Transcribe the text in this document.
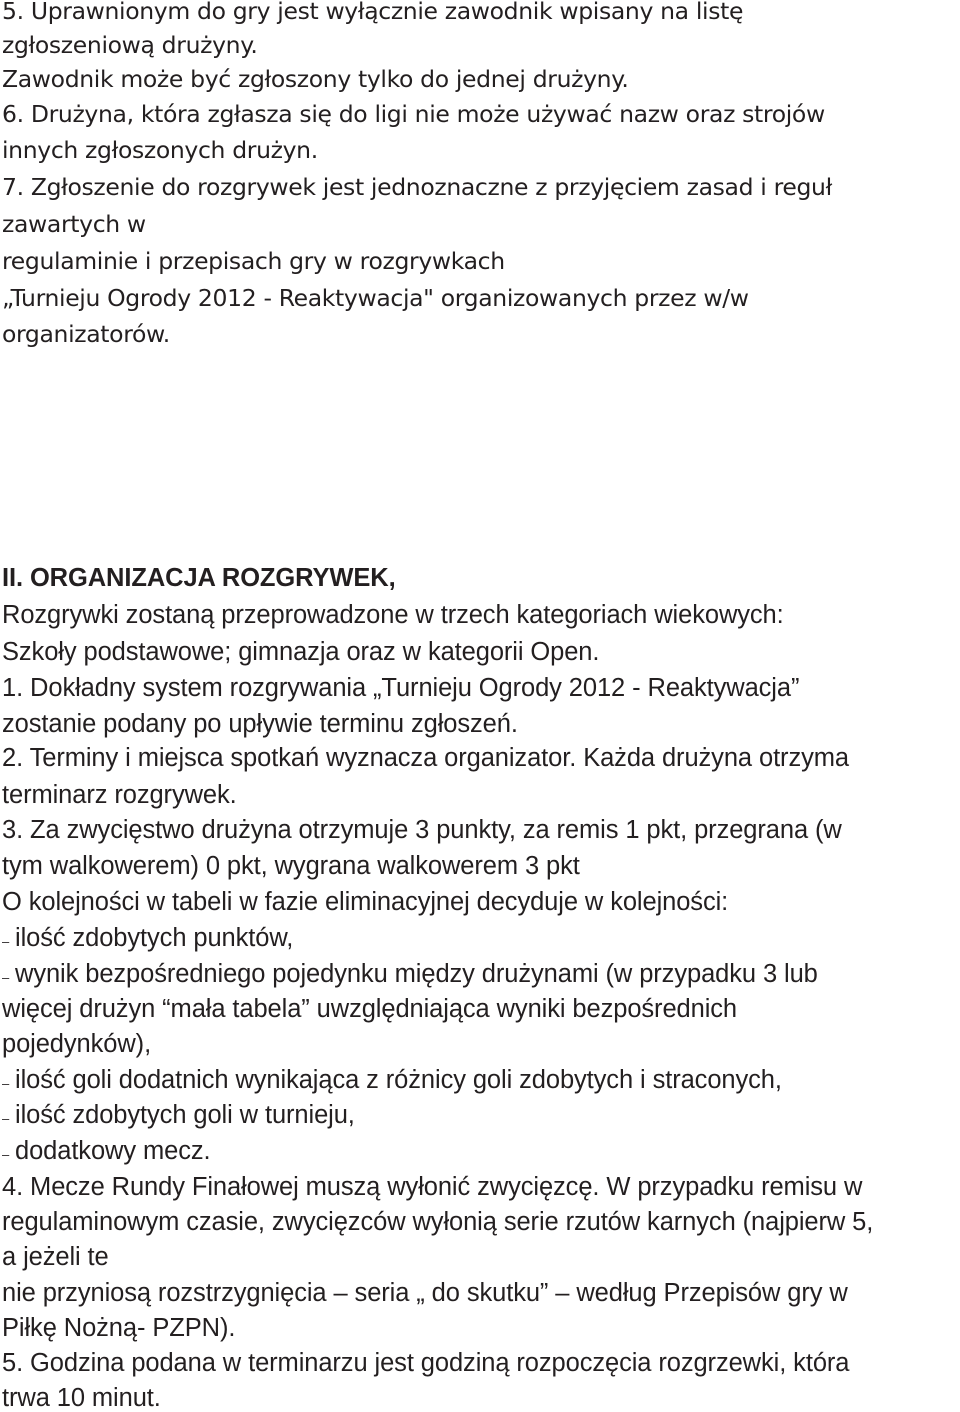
5. Uprawnionym do gry jest wyłącznie zawodnik wpisany na listę

zgłoszeniową drużyny.

Zawodnik może być zgłoszony tylko do jednej drużyny.

6. Drużyna, która zgłasza się do ligi nie może używać nazw oraz strojów

innych zgłoszonych drużyn.

7. Zgłoszenie do rozgrywek jest jednoznaczne z przyjęciem zasad i reguł

zawartych w

regulaminie i przepisach gry w rozgrywkach

„Turnieju Ogrody 2012 - Reaktywacja" organizowanych przez w/w

organizatorów.

II. ORGANIZACJA ROZGRYWEK,

Rozgrywki zostaną przeprowadzone w trzech kategoriach wiekowych:

Szkoły podstawowe; gimnazja oraz w kategorii Open.

1. Dokładny system rozgrywania „Turnieju Ogrody 2012 - Reaktywacja”

zostanie podany po upływie terminu zgłoszeń.

2. Terminy i miejsca spotkań wyznacza organizator. Każda drużyna otrzyma

terminarz rozgrywek.

3. Za zwycięstwo drużyna otrzymuje 3 punkty, za remis 1 pkt, przegrana (w

tym walkowerem) 0 pkt, wygrana walkowerem 3 pkt

O kolejności w tabeli w fazie eliminacyjnej decyduje w kolejności:

– ilość zdobytych punktów,

– wynik bezpośredniego pojedynku między drużynami (w przypadku 3 lub

więcej drużyn “mała tabela” uwzględniająca wyniki bezpośrednich

pojedynków),

– ilość goli dodatnich wynikająca z różnicy goli zdobytych i straconych,

– ilość zdobytych goli w turnieju,

– dodatkowy mecz.

4. Mecze Rundy Finałowej muszą wyłonić zwycięzcę. W przypadku remisu w

regulaminowym czasie, zwycięzców wyłonią serie rzutów karnych (najpierw 5,

a jeżeli te

nie przyniosą rozstrzygnięcia – seria „ do skutku” – według Przepisów gry w

Piłkę Nożną- PZPN).

5. Godzina podana w terminarzu jest godziną rozpoczęcia rozgrzewki, która

trwa 10 minut.
